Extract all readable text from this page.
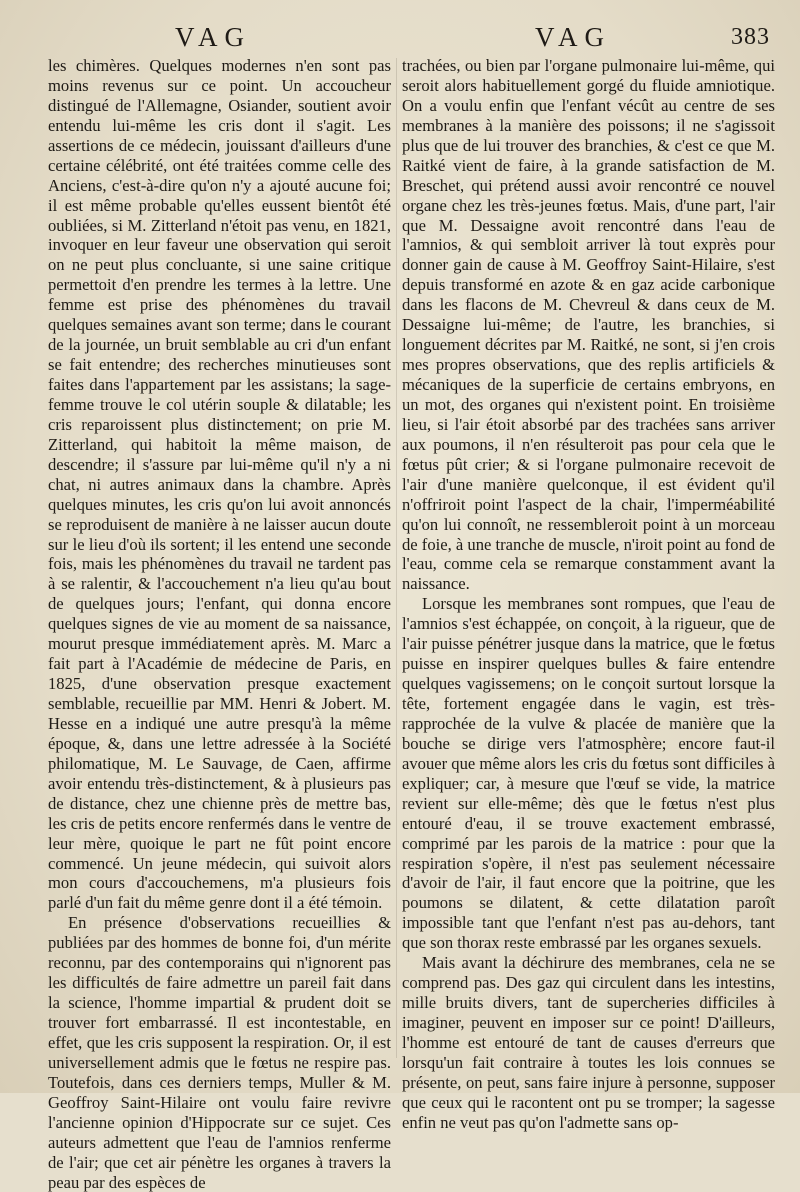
VAG	VAG	383

les chimères. Quelques modernes n'en sont pas moins revenus sur ce point. Un accoucheur distingué de l'Allemagne, Osiander, soutient avoir entendu lui-même les cris dont il s'agit. Les assertions de ce médecin, jouissant d'ailleurs d'une certaine célébrité, ont été traitées comme celle des Anciens, c'est-à-dire qu'on n'y a ajouté aucune foi; il est même probable qu'elles eussent bientôt été oubliées, si M. Zitterland n'étoit pas venu, en 1821, invoquer en leur faveur une observation qui seroit on ne peut plus concluante, si une saine critique permettoit d'en prendre les termes à la lettre. Une femme est prise des phénomènes du travail quelques semaines avant son terme; dans le courant de la journée, un bruit semblable au cri d'un enfant se fait entendre; des recherches minutieuses sont faites dans l'appartement par les assistans; la sage-femme trouve le col utérin souple & dilatable; les cris reparoissent plus distinctement; on prie M. Zitterland, qui habitoit la même maison, de descendre; il s'assure par lui-même qu'il n'y a ni chat, ni autres animaux dans la chambre. Après quelques minutes, les cris qu'on lui avoit annoncés se reproduisent de manière à ne laisser aucun doute sur le lieu d'où ils sortent; il les entend une seconde fois, mais les phénomènes du travail ne tardent pas à se ralentir, & l'accouchement n'a lieu qu'au bout de quelques jours; l'enfant, qui donna encore quelques signes de vie au moment de sa naissance, mourut presque immédiatement après. M. Marc a fait part à l'Académie de médecine de Paris, en 1825, d'une observation presque exactement semblable, recueillie par MM. Henri & Jobert. M. Hesse en a indiqué une autre presqu'à la même époque, &, dans une lettre adressée à la Société philomatique, M. Le Sauvage, de Caen, affirme avoir entendu très-distinctement, & à plusieurs pas de distance, chez une chienne près de mettre bas, les cris de petits encore renfermés dans le ventre de leur mère, quoique le part ne fût point encore commencé. Un jeune médecin, qui suivoit alors mon cours d'accouchemens, m'a plusieurs fois parlé d'un fait du même genre dont il a été témoin.

En présence d'observations recueillies & publiées par des hommes de bonne foi, d'un mérite reconnu, par des contemporains qui n'ignorent pas les difficultés de faire admettre un pareil fait dans la science, l'homme impartial & prudent doit se trouver fort embarrassé. Il est incontestable, en effet, que les cris supposent la respiration. Or, il est universellement admis que le fœtus ne respire pas. Toutefois, dans ces derniers temps, Muller & M. Geoffroy Saint-Hilaire ont voulu faire revivre l'ancienne opinion d'Hippocrate sur ce sujet. Ces auteurs admettent que l'eau de l'amnios renferme de l'air; que cet air pénètre les organes à travers la peau par des espèces de

trachées, ou bien par l'organe pulmonaire lui-même, qui seroit alors habituellement gorgé du fluide amniotique. On a voulu enfin que l'enfant vécût au centre de ses membranes à la manière des poissons; il ne s'agissoit plus que de lui trouver des branchies, & c'est ce que M. Raitké vient de faire, à la grande satisfaction de M. Breschet, qui prétend aussi avoir rencontré ce nouvel organe chez les très-jeunes fœtus. Mais, d'une part, l'air que M. Dessaigne avoit rencontré dans l'eau de l'amnios, & qui sembloit arriver là tout exprès pour donner gain de cause à M. Geoffroy Saint-Hilaire, s'est depuis transformé en azote & en gaz acide carbonique dans les flacons de M. Chevreul & dans ceux de M. Dessaigne lui-même; de l'autre, les branchies, si longuement décrites par M. Raitké, ne sont, si j'en crois mes propres observations, que des replis artificiels & mécaniques de la superficie de certains embryons, en un mot, des organes qui n'existent point. En troisième lieu, si l'air étoit absorbé par des trachées sans arriver aux poumons, il n'en résulteroit pas pour cela que le fœtus pût crier; & si l'organe pulmonaire recevoit de l'air d'une manière quelconque, il est évident qu'il n'offriroit point l'aspect de la chair, l'imperméabilité qu'on lui connoît, ne ressembleroit point à un morceau de foie, à une tranche de muscle, n'iroit point au fond de l'eau, comme cela se remarque constamment avant la naissance.

Lorsque les membranes sont rompues, que l'eau de l'amnios s'est échappée, on conçoit, à la rigueur, que de l'air puisse pénétrer jusque dans la matrice, que le fœtus puisse en inspirer quelques bulles & faire entendre quelques vagissemens; on le conçoit surtout lorsque la tête, fortement engagée dans le vagin, est très-rapprochée de la vulve & placée de manière que la bouche se dirige vers l'atmosphère; encore faut-il avouer que même alors les cris du fœtus sont difficiles à expliquer; car, à mesure que l'œuf se vide, la matrice revient sur elle-même; dès que le fœtus n'est plus entouré d'eau, il se trouve exactement embrassé, comprimé par les parois de la matrice : pour que la respiration s'opère, il n'est pas seulement nécessaire d'avoir de l'air, il faut encore que la poitrine, que les poumons se dilatent, & cette dilatation paroît impossible tant que l'enfant n'est pas au-dehors, tant que son thorax reste embrassé par les organes sexuels.

Mais avant la déchirure des membranes, cela ne se comprend pas. Des gaz qui circulent dans les intestins, mille bruits divers, tant de supercheries difficiles à imaginer, peuvent en imposer sur ce point! D'ailleurs, l'homme est entouré de tant de causes d'erreurs que lorsqu'un fait contraire à toutes les lois connues se présente, on peut, sans faire injure à personne, supposer que ceux qui le racontent ont pu se tromper; la sagesse enfin ne veut pas qu'on l'admette sans op-
